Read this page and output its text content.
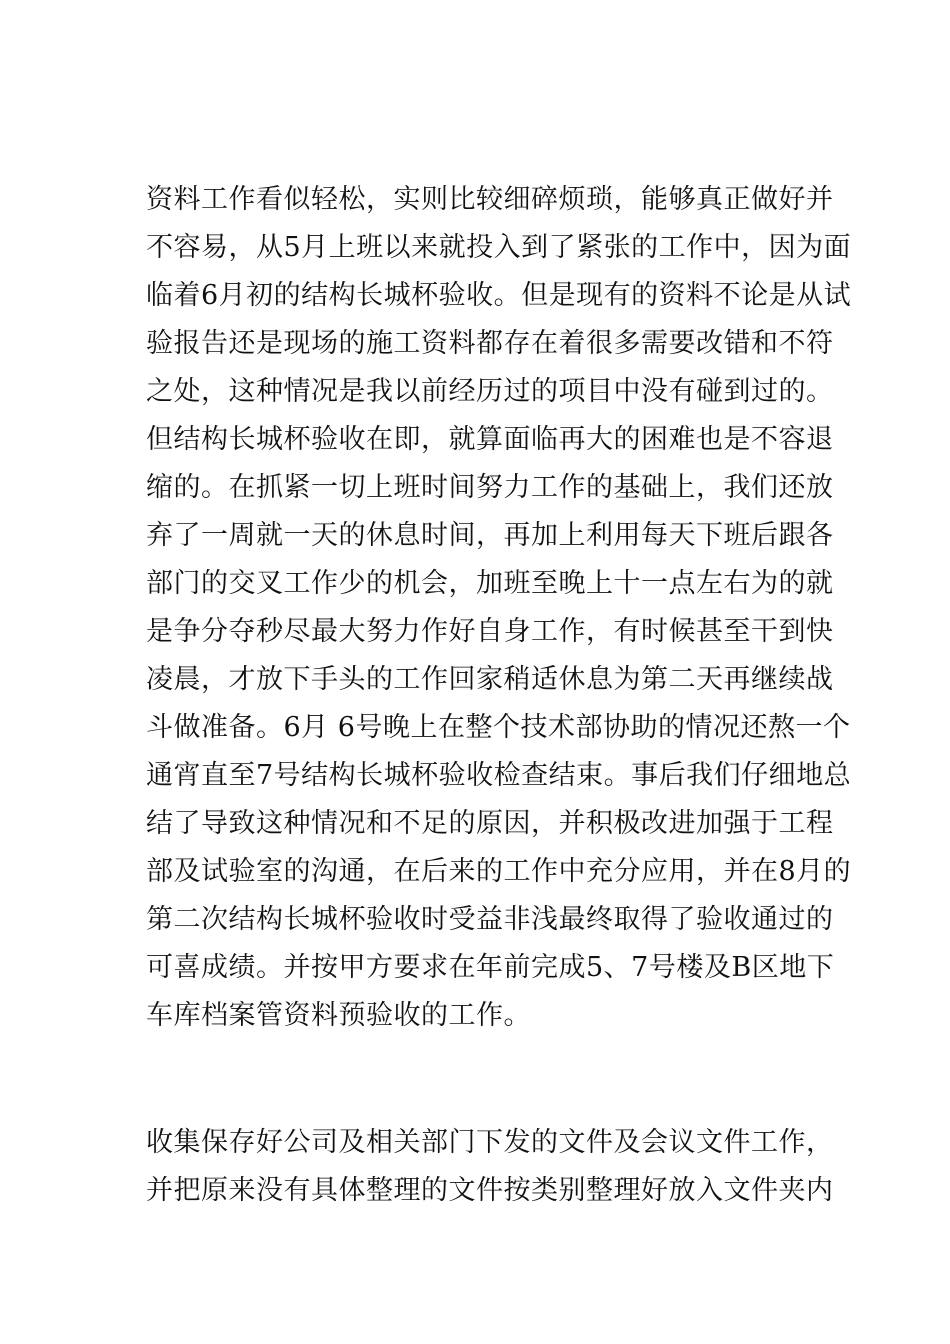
资料工作看似轻松，实则比较细碎烦琐，能够真正做好并
不容易，从5月上班以来就投入到了紧张的工作中，因为面
临着6月初的结构长城杯验收。但是现有的资料不论是从试
验报告还是现场的施工资料都存在着很多需要改错和不符
之处，这种情况是我以前经历过的项目中没有碰到过的。
但结构长城杯验收在即，就算面临再大的困难也是不容退
缩的。在抓紧一切上班时间努力工作的基础上，我们还放
弃了一周就一天的休息时间，再加上利用每天下班后跟各
部门的交叉工作少的机会，加班至晚上十一点左右为的就
是争分夺秒尽最大努力作好自身工作，有时候甚至干到快
凌晨，才放下手头的工作回家稍适休息为第二天再继续战
斗做准备。6月 6号晚上在整个技术部协助的情况还熬一个
通宵直至7号结构长城杯验收检查结束。事后我们仔细地总
结了导致这种情况和不足的原因，并积极改进加强于工程
部及试验室的沟通，在后来的工作中充分应用，并在8月的
第二次结构长城杯验收时受益非浅最终取得了验收通过的
可喜成绩。并按甲方要求在年前完成5、7号楼及B区地下
车库档案管资料预验收的工作。

收集保存好公司及相关部门下发的文件及会议文件工作，
并把原来没有具体整理的文件按类别整理好放入文件夹内
